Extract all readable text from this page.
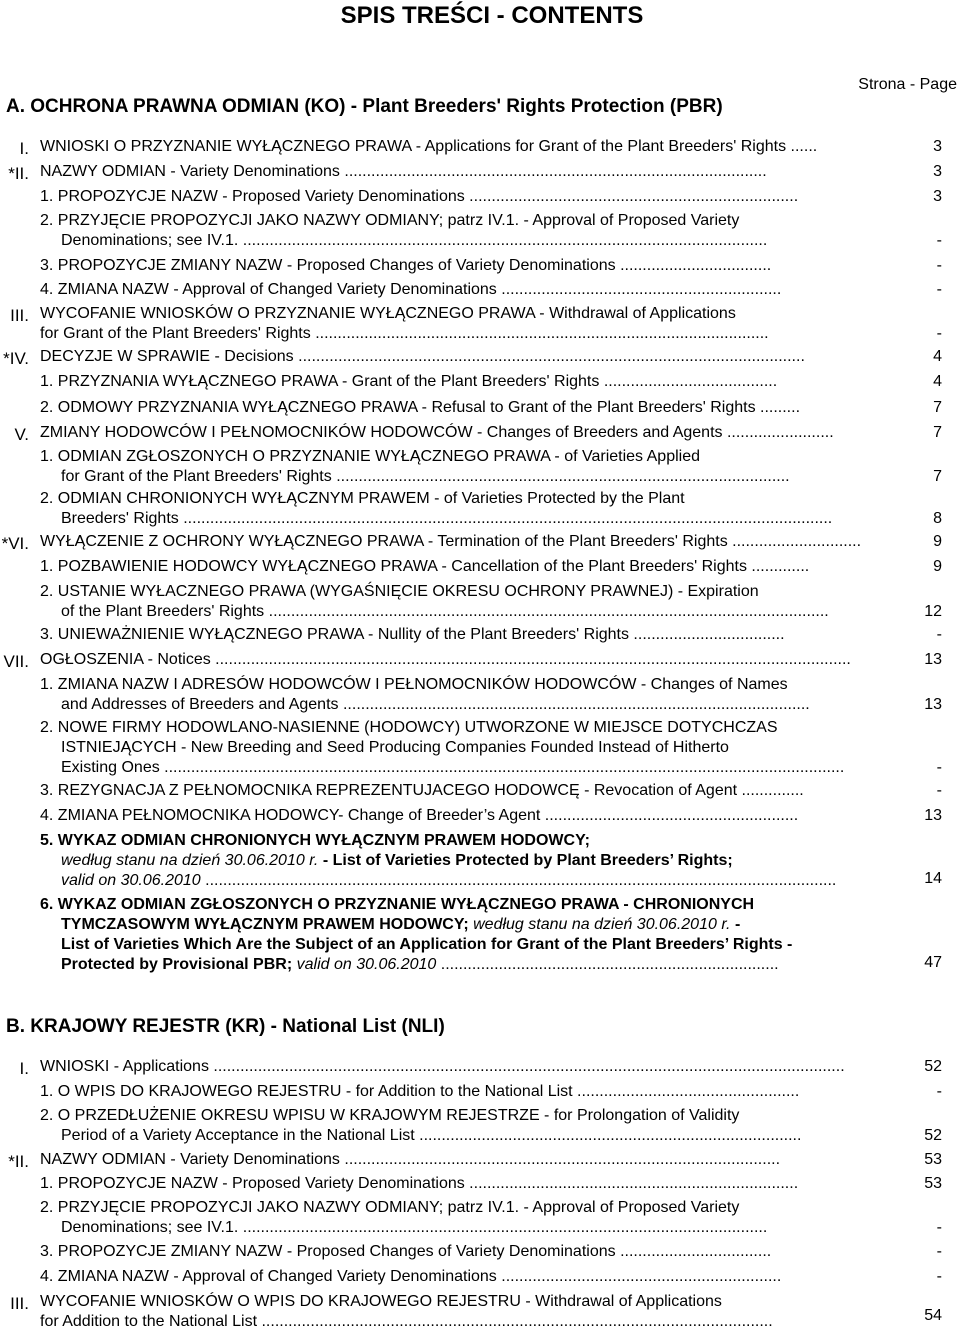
SPIS TREŚCI - CONTENTS
Strona - Page
A. OCHRONA PRAWNA ODMIAN (KO) - Plant Breeders' Rights Protection (PBR)
I. WNIOSKI O PRZYZNANIE WYŁĄCZNEGO PRAWA - Applications for Grant of the Plant Breeders' Rights ......	3
*II. NAZWY ODMIAN - Variety Denominations ...............................................................................................	3
1. PROPOZYCJE NAZW - Proposed Variety Denominations ..........................................................................	3
2. PRZYJĘCIE PROPOZYCJI JAKO NAZWY ODMIANY; patrz IV.1. - Approval of Proposed Variety
Denominations; see IV.1. ......................................................................................................................	-
3. PROPOZYCJE ZMIANY NAZW - Proposed Changes of Variety Denominations ..................................	-
4. ZMIANA NAZW - Approval of Changed Variety Denominations ...............................................................	-
III. WYCOFANIE WNIOSKÓW O PRZYZNANIE WYŁĄCZNEGO PRAWA - Withdrawal of Applications
for Grant of the Plant Breeders' Rights ......................................................................................................	-
*IV. DECYZJE W SPRAWIE - Decisions ..................................................................................................................	4
1. PRZYZNANIA WYŁĄCZNEGO PRAWA - Grant of the Plant Breeders' Rights .......................................	4
2. ODMOWY PRZYZNANIA WYŁĄCZNEGO PRAWA - Refusal to Grant of the Plant Breeders' Rights .........	7
V. ZMIANY HODOWCÓW I PEŁNOMOCNIKÓW HODOWCÓW - Changes of Breeders and Agents ........................	7
1. ODMIAN ZGŁOSZONYCH O PRZYZNANIE WYŁĄCZNEGO PRAWA - of Varieties Applied
for Grant of the Plant Breeders' Rights ......................................................................................................	7
2. ODMIAN CHRONIONYCH WYŁĄCZNYM PRAWEM - of Varieties Protected by the Plant
Breeders' Rights ..................................................................................................................................................	8
*VI. WYŁĄCZENIE Z OCHRONY WYŁĄCZNEGO PRAWA - Termination of the Plant Breeders' Rights .............................	9
1. POZBAWIENIE HODOWCY WYŁĄCZNEGO PRAWA - Cancellation of the Plant Breeders' Rights .............	9
2. USTANIE WYŁACZNEGO PRAWA (WYGAŚNIĘCIE OKRESU OCHRONY PRAWNEJ) - Expiration
of the Plant Breeders' Rights ..............................................................................................................................	12
3. UNIEWAŻNIENIE WYŁĄCZNEGO PRAWA - Nullity of the Plant Breeders' Rights ..................................	-
VII. OGŁOSZENIA - Notices ...............................................................................................................................................	13
1. ZMIANA NAZW I ADRESÓW HODOWCÓW I PEŁNOMOCNIKÓW HODOWCÓW - Changes of Names
and Addresses of Breeders and Agents .........................................................................................................	13
2. NOWE FIRMY HODOWLANO-NASIENNE (HODOWCY) UTWORZONE W MIEJSCE DOTYCHCZAS
ISTNIEJĄCYCH - New Breeding and Seed Producing Companies Founded Instead of Hitherto
Existing Ones .........................................................................................................................................................	-
3. REZYGNACJA Z PEŁNOMOCNIKA REPREZENTUJACEGO HODOWCĘ - Revocation of Agent ..............	-
4. ZMIANA PEŁNOMOCNIKA HODOWCY- Change of Breeder’s Agent .........................................................	13
5. WYKAZ ODMIAN CHRONIONYCH WYŁĄCZNYM PRAWEM HODOWCY;
według stanu na dzień 30.06.2010 r. - List of Varieties Protected by Plant Breeders’ Rights;
valid on 30.06.2010 ..............................................................................................................................................	14
6. WYKAZ ODMIAN ZGŁOSZONYCH O PRZYZNANIE WYŁĄCZNEGO PRAWA - CHRONIONYCH
TYMCZASOWYM WYŁĄCZNYM PRAWEM HODOWCY; według stanu na dzień 30.06.2010 r. -
List of Varieties Which Are the Subject of an Application for Grant of the Plant Breeders’ Rights -
Protected by Provisional PBR; valid on 30.06.2010 ............................................................................	47
B. KRAJOWY REJESTR (KR) - National List (NLI)
I. WNIOSKI - Applications ..............................................................................................................................................	52
1. O WPIS DO KRAJOWEGO REJESTRU - for Addition to the National List ..................................................	-
2. O PRZEDŁUŻENIE OKRESU WPISU W KRAJOWYM REJESTRZE - for Prolongation of Validity
Period of a Variety Acceptance in the National List ......................................................................................	52
*II. NAZWY ODMIAN - Variety Denominations ..................................................................................................	53
1. PROPOZYCJE NAZW - Proposed Variety Denominations ..........................................................................	53
2. PRZYJĘCIE PROPOZYCJI JAKO NAZWY ODMIANY; patrz IV.1. - Approval of Proposed Variety
Denominations; see IV.1. ......................................................................................................................	-
3. PROPOZYCJE ZMIANY NAZW - Proposed Changes of Variety Denominations ..................................	-
4. ZMIANA NAZW - Approval of Changed Variety Denominations ...............................................................	-
III. WYCOFANIE WNIOSKÓW O WPIS DO KRAJOWEGO REJESTRU - Withdrawal of Applications
for Addition to the National List ...................................................................................................................	54
